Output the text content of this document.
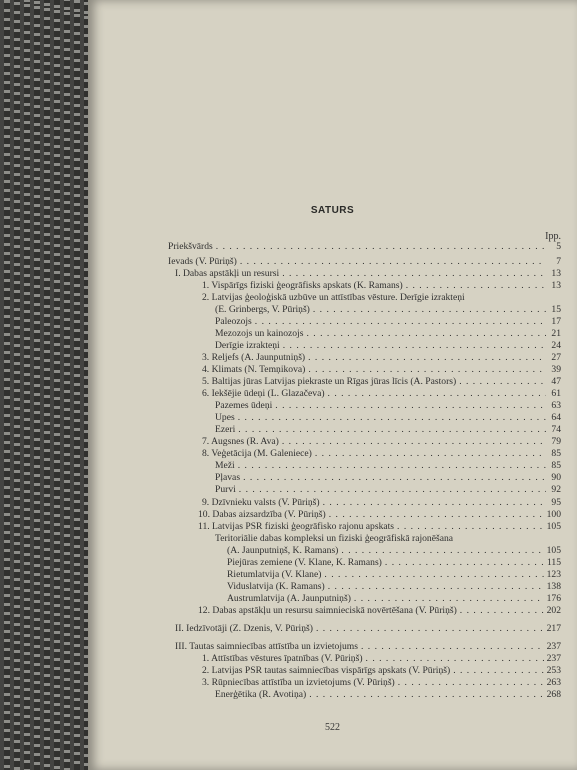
SATURS
Ipp.
Priekšvārds . . .	5
Ievads (V. Pūriņš) . . .	7
I. Dabas apstākļi un resursi . . .	13
1. Vispārīgs fiziski ģeogrāfisks apskats (K. Ramans) . . .	13
2. Latvijas ģeoloģiskā uzbūve un attīstības vēsture. Derīgie izrakteņi
(E. Grinbergs, V. Pūriņš) . . .	15
Paleozojs . . .	17
Mezozojs un kainozojs . . .	21
Derīgie izrakteņi . . .	24
3. Reljefs (A. Jaunputniņš) . . .	27
4. Klimats (N. Temņikova) . . .	39
5. Baltijas jūras Latvijas piekraste un Rīgas jūras līcis (A. Pastors) . . .	47
6. Iekšējie ūdeņi (L. Glazačeva) . . .	61
Pazemes ūdeņi . . .	63
Upes . . .	64
Ezeri . . .	74
7. Augsnes (R. Ava) . . .	79
8. Veģetācija (M. Galeniece) . . .	85
Meži . . .	85
Pļavas . . .	90
Purvi . . .	92
9. Dzīvnieku valsts (V. Pūriņš) . . .	95
10. Dabas aizsardzība (V. Pūriņš) . . .	100
11. Latvijas PSR fiziski ģeogrāfisko rajonu apskats . . .	105
Teritoriālie dabas kompleksi un fiziski ģeogrāfiskā rajonēšana
(A. Jaunputniņš, K. Ramans) . . .	105
Piejūras zemiene (V. Klane, K. Ramans) . . .	115
Rietumlatvija (V. Klane) . . .	123
Viduslatvija (K. Ramans) . . .	138
Austrumlatvija (A. Jaunputniņš) . . .	176
12. Dabas apstākļu un resursu saimnieciskā novērtēšana (V. Pūriņš) . . .	202
II. Iedzīvotāji (Z. Dzenis, V. Pūriņš) . . .	217
III. Tautas saimniecības attīstība un izvietojums . . .	237
1. Attīstības vēstures īpatnības (V. Pūriņš) . . .	237
2. Latvijas PSR tautas saimniecības vispārīgs apskats (V. Pūriņš) . . .	253
3. Rūpniecības attīstība un izvietojums (V. Pūriņš) . . .	263
Enerģētika (R. Avotiņa) . . .	268
522
